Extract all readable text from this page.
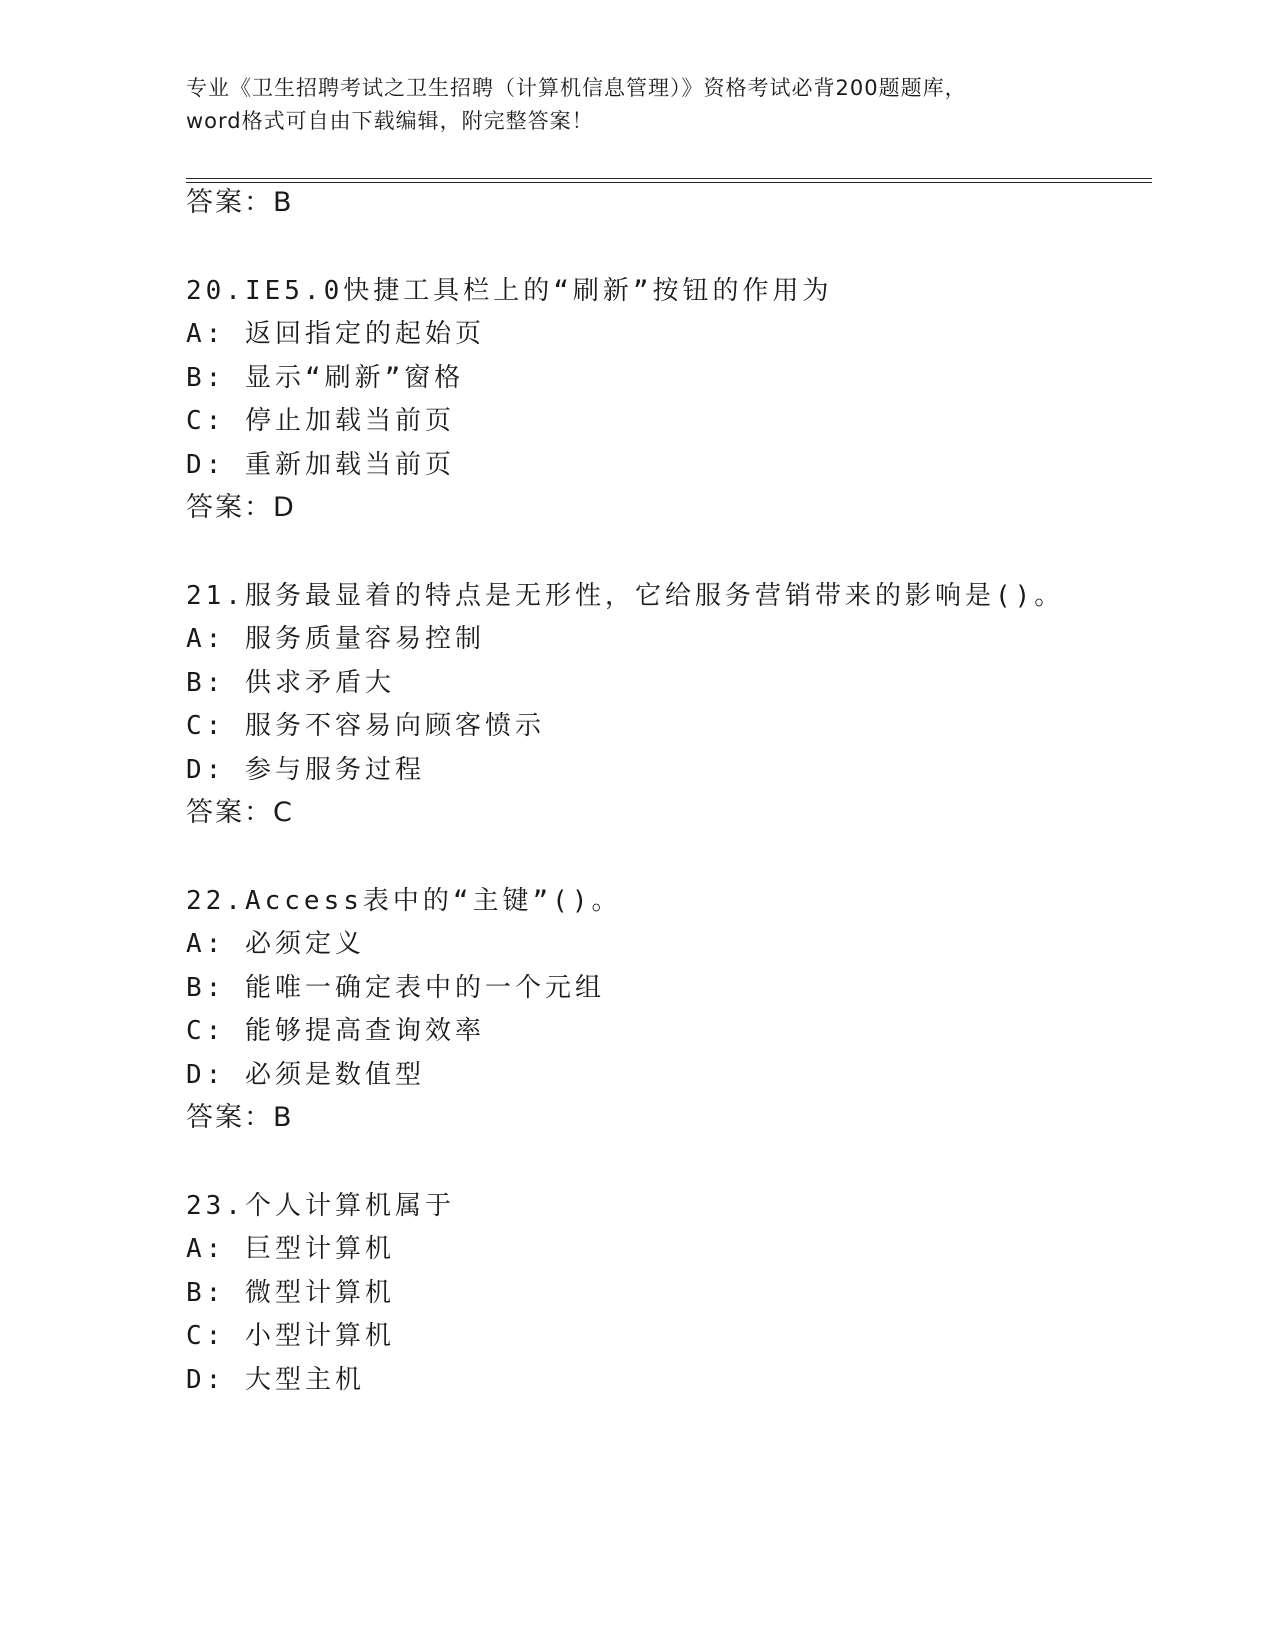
专业《卫生招聘考试之卫生招聘（计算机信息管理）》资格考试必背200题题库，
word格式可自由下载编辑，附完整答案！
答案：B
20.IE5.0快捷工具栏上的“刷新”按钮的作用为
A: 返回指定的起始页
B: 显示“刷新”窗格
C: 停止加载当前页
D: 重新加载当前页
答案：D
21.服务最显着的特点是无形性，它给服务营销带来的影响是()。
A: 服务质量容易控制
B: 供求矛盾大
C: 服务不容易向顾客愤示
D: 参与服务过程
答案：C
22.Access表中的“主键”()。
A: 必须定义
B: 能唯一确定表中的一个元组
C: 能够提高查询效率
D: 必须是数值型
答案：B
23.个人计算机属于
A: 巨型计算机
B: 微型计算机
C: 小型计算机
D: 大型主机
